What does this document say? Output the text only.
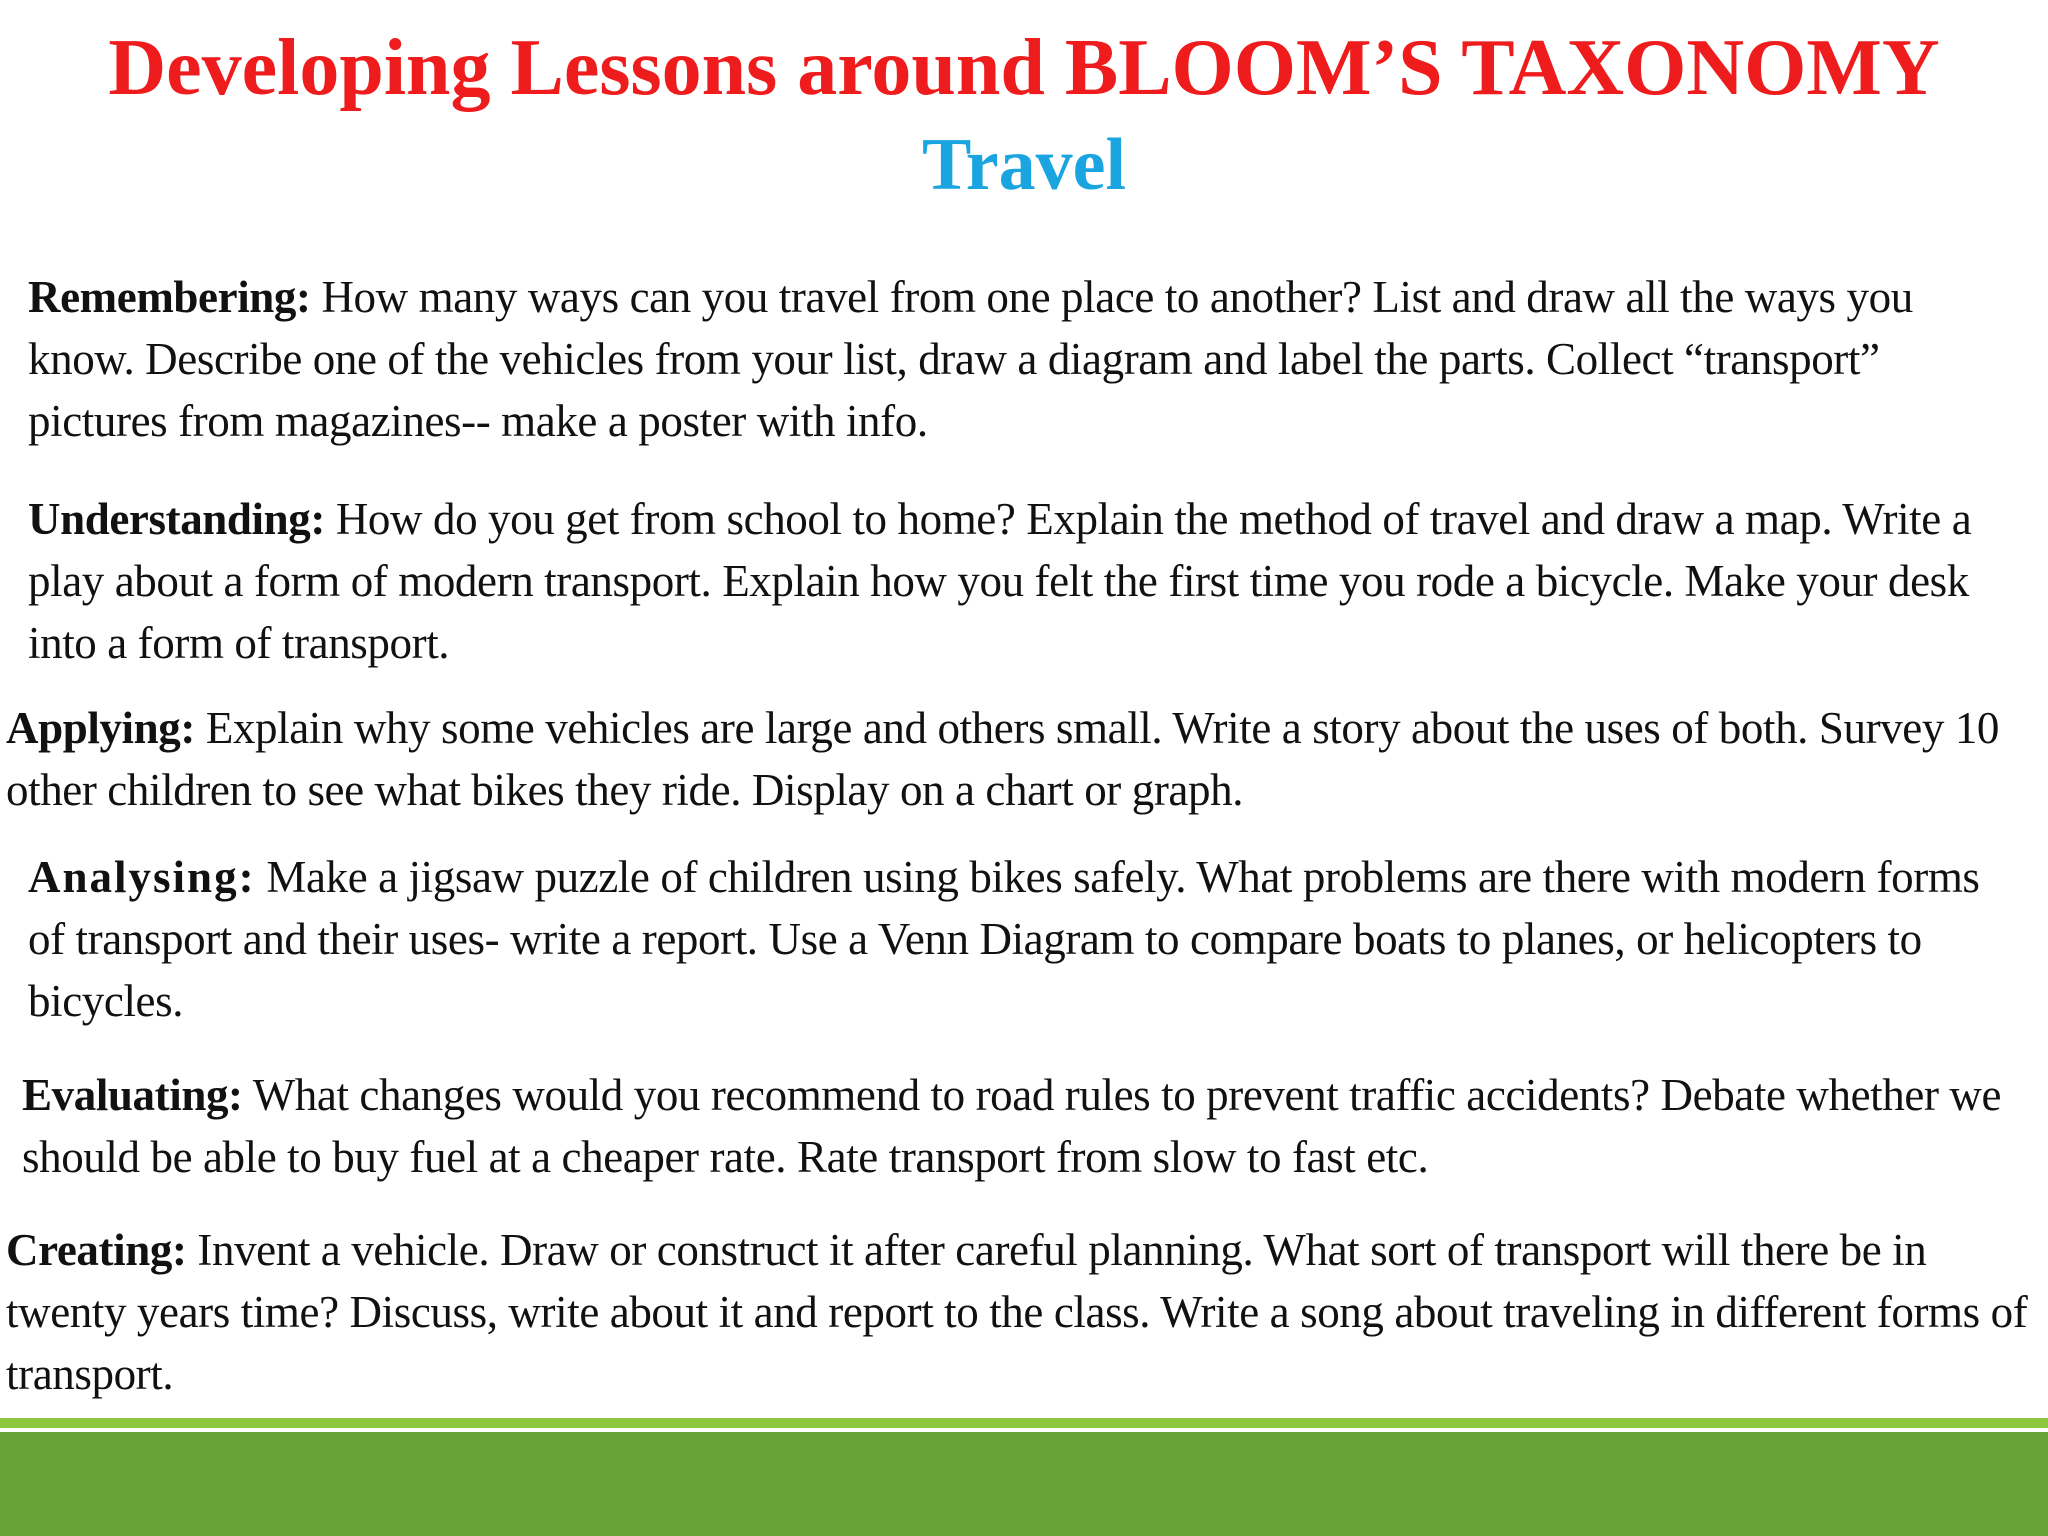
Developing Lessons around BLOOM’S TAXONOMY
Travel

Remembering: How many ways can you travel from one place to another? List and draw all the ways you know. Describe one of the vehicles from your list, draw a diagram and label the parts. Collect “transport” pictures from magazines-- make a poster with info.

Understanding: How do you get from school to home? Explain the method of travel and draw a map. Write a play about a form of modern transport. Explain how you felt the first time you rode a bicycle. Make your desk into a form of transport.

Applying: Explain why some vehicles are large and others small. Write a story about the uses of both. Survey 10 other children to see what bikes they ride. Display on a chart or graph.

Analysing: Make a jigsaw puzzle of children using bikes safely. What problems are there with modern forms of transport and their uses- write a report. Use a Venn Diagram to compare boats to planes, or helicopters to bicycles.

Evaluating: What changes would you recommend to road rules to prevent traffic accidents? Debate whether we should be able to buy fuel at a cheaper rate. Rate transport from slow to fast etc.

Creating: Invent a vehicle. Draw or construct it after careful planning. What sort of transport will there be in twenty years time? Discuss, write about it and report to the class. Write a song about traveling in different forms of transport.
